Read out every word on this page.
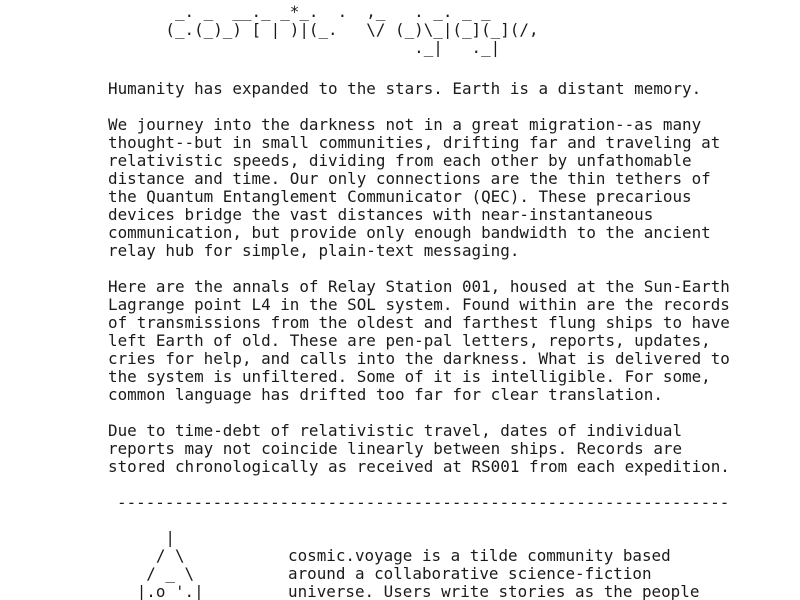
_. _  __._ _*_.  .  ,_   . _. _ _
(_.(_)_) [ | )|(_.   \/ (_)\_|(_](_](/,
._|   ._|

Humanity has expanded to the stars. Earth is a distant memory.

We journey into the darkness not in a great migration--as many
thought--but in small communities, drifting far and traveling at
relativistic speeds, dividing from each other by unfathomable
distance and time. Our only connections are the thin tethers of
the Quantum Entanglement Communicator (QEC). These precarious
devices bridge the vast distances with near-instantaneous
communication, but provide only enough bandwidth to the ancient
relay hub for simple, plain-text messaging.

Here are the annals of Relay Station 001, housed at the Sun-Earth
Lagrange point L4 in the SOL system. Found within are the records
of transmissions from the oldest and farthest flung ships to have
left Earth of old. These are pen-pal letters, reports, updates,
cries for help, and calls into the darkness. What is delivered to
the system is unfiltered. Some of it is intelligible. For some,
common language has drifted too far for clear translation.

Due to time-debt of relativistic travel, dates of individual
reports may not coincide linearly between ships. Records are
stored chronologically as received at RS001 from each expedition.

----------------------------------------------------------------
|
/ \
/ _ \
|.o '.|
cosmic.voyage is a tilde community based
around a collaborative science-fiction
universe. Users write stories as the people
